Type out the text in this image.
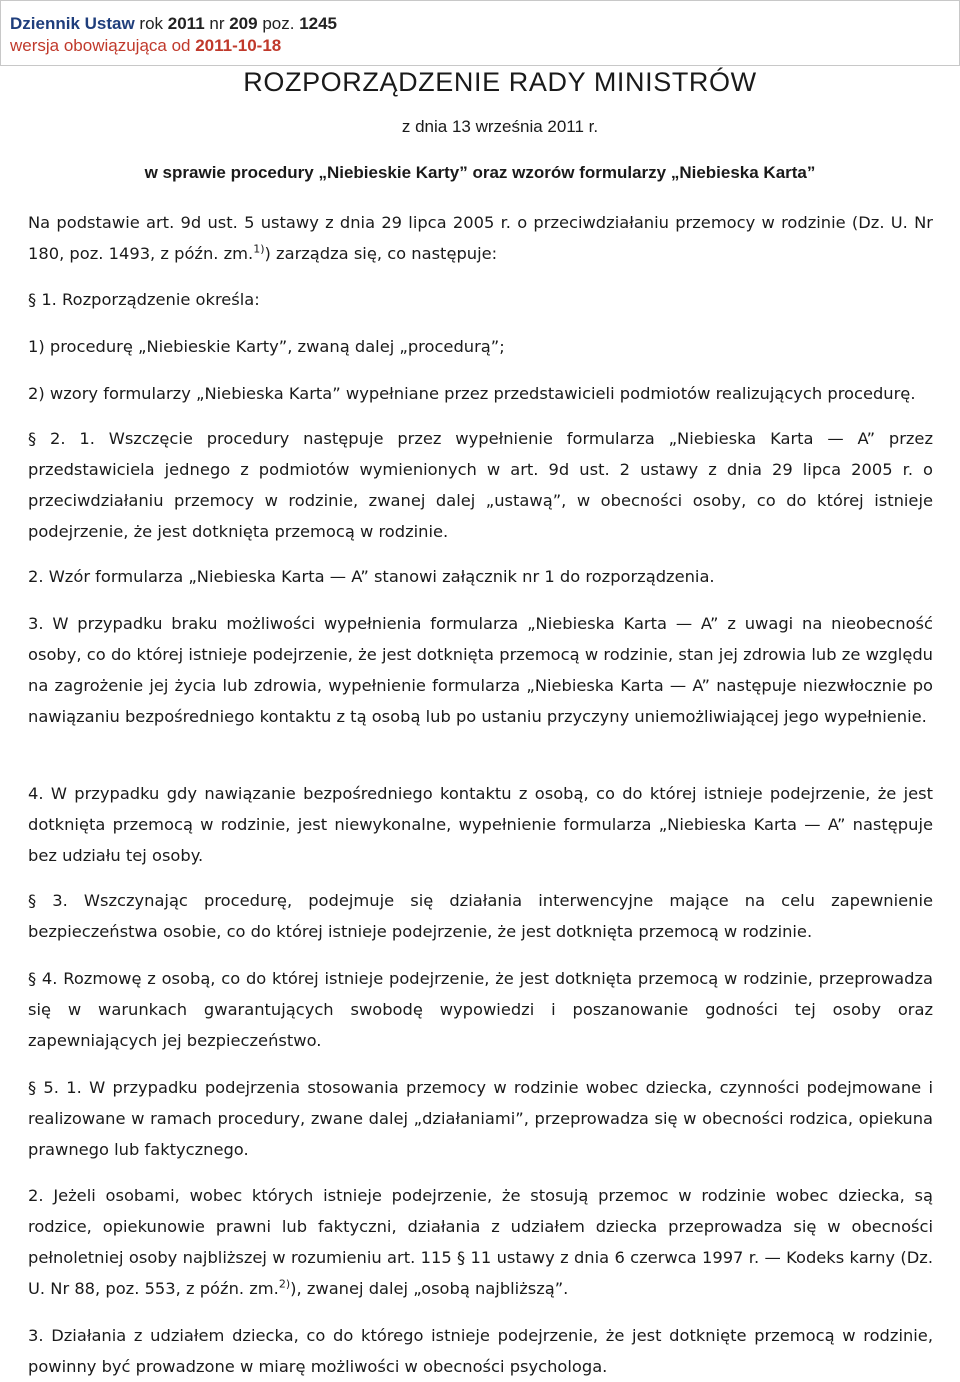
Dziennik Ustaw rok 2011 nr 209 poz. 1245
wersja obowiązująca od 2011-10-18
ROZPORZĄDZENIE RADY MINISTRÓW
z dnia 13 września 2011 r.
w sprawie procedury „Niebieskie Karty” oraz wzorów formularzy „Niebieska Karta”
Na podstawie art. 9d ust. 5 ustawy z dnia 29 lipca 2005 r. o przeciwdziałaniu przemocy w rodzinie (Dz. U. Nr 180, poz. 1493, z późn. zm.$^{1)}$) zarządza się, co następuje:
§ 1. Rozporządzenie określa:
1) procedurę „Niebieskie Karty”, zwaną dalej „procedurą”;
2) wzory formularzy „Niebieska Karta” wypełniane przez przedstawicieli podmiotów realizujących procedurę.
§ 2. 1. Wszczęcie procedury następuje przez wypełnienie formularza „Niebieska Karta — A” przez przedstawiciela jednego z podmiotów wymienionych w art. 9d ust. 2 ustawy z dnia 29 lipca 2005 r. o przeciwdziałaniu przemocy w rodzinie, zwanej dalej „ustawą”, w obecności osoby, co do której istnieje podejrzenie, że jest dotknięta przemocą w rodzinie.
2. Wzór formularza „Niebieska Karta — A” stanowi załącznik nr 1 do rozporządzenia.
3. W przypadku braku możliwości wypełnienia formularza „Niebieska Karta — A” z uwagi na nieobecność osoby, co do której istnieje podejrzenie, że jest dotknięta przemocą w rodzinie, stan jej zdrowia lub ze względu na zagrożenie jej życia lub zdrowia, wypełnienie formularza „Niebieska Karta — A” następuje niezwłocznie po nawiązaniu bezpośredniego kontaktu z tą osobą lub po ustaniu przyczyny uniemożliwiającej jego wypełnienie.
4. W przypadku gdy nawiązanie bezpośredniego kontaktu z osobą, co do której istnieje podejrzenie, że jest dotknięta przemocą w rodzinie, jest niewykonalne, wypełnienie formularza „Niebieska Karta — A” następuje bez udziału tej osoby.
§ 3. Wszczynając procedurę, podejmuje się działania interwencyjne mające na celu zapewnienie bezpieczeństwa osobie, co do której istnieje podejrzenie, że jest dotknięta przemocą w rodzinie.
§ 4. Rozmowę z osobą, co do której istnieje podejrzenie, że jest dotknięta przemocą w rodzinie, przeprowadza się w warunkach gwarantujących swobodę wypowiedzi i poszanowanie godności tej osoby oraz zapewniających jej bezpieczeństwo.
§ 5. 1. W przypadku podejrzenia stosowania przemocy w rodzinie wobec dziecka, czynności podejmowane i realizowane w ramach procedury, zwane dalej „działaniami”, przeprowadza się w obecności rodzica, opiekuna prawnego lub faktycznego.
2. Jeżeli osobami, wobec których istnieje podejrzenie, że stosują przemoc w rodzinie wobec dziecka, są rodzice, opiekunowie prawni lub faktyczni, działania z udziałem dziecka przeprowadza się w obecności pełnoletniej osoby najbliższej w rozumieniu art. 115 § 11 ustawy z dnia 6 czerwca 1997 r. — Kodeks karny (Dz. U. Nr 88, poz. 553, z późn. zm.$^{2)}$), zwanej dalej „osobą najbliższą”.
3. Działania z udziałem dziecka, co do którego istnieje podejrzenie, że jest dotknięte przemocą w rodzinie, powinny być prowadzone w miarę możliwości w obecności psychologa.
